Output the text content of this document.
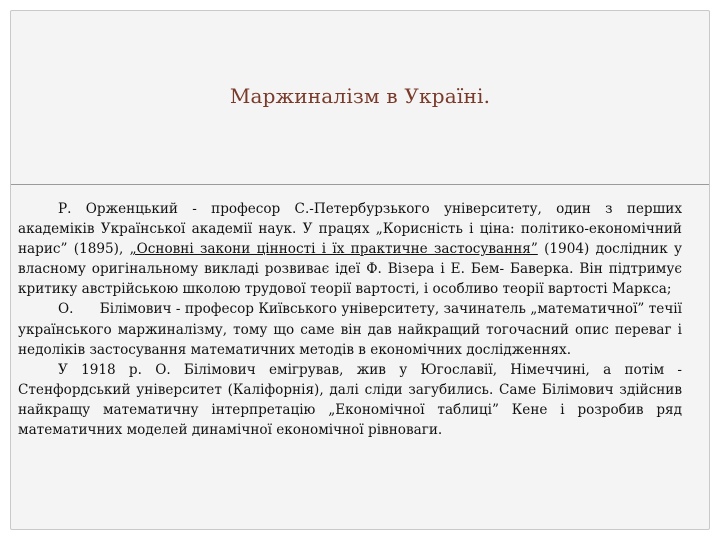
Маржиналізм в Україні.

Р. Орженцький - професор С.-Петербурзького університету, один з перших академіків Української академії наук. У працях „Корисність і ціна: політико-економічний нарис” (1895), „Основні закони цінності і їх практичне застосування” (1904) дослідник у власному оригінальному викладі розвиває ідеї Ф. Візера і Е. Бем- Баверка. Він підтримує критику австрійською школою трудової теорії вартості, і особливо теорії вартості Маркса;

О.      Білімович - професор Київського університету, зачинатель „математичної” течії українського маржиналізму, тому що саме він дав найкращий тогочасний опис переваг і недоліків застосування математичних методів в економічних дослідженнях.

У 1918 р. О. Білімович емігрував, жив у Югославії, Німеччині, а потім - Стенфордський університет (Каліфорнія), далі сліди загубились. Саме Білімович здійснив найкращу математичну інтерпретацію „Економічної таблиці” Кене і розробив ряд математичних моделей динамічної економічної рівноваги.
